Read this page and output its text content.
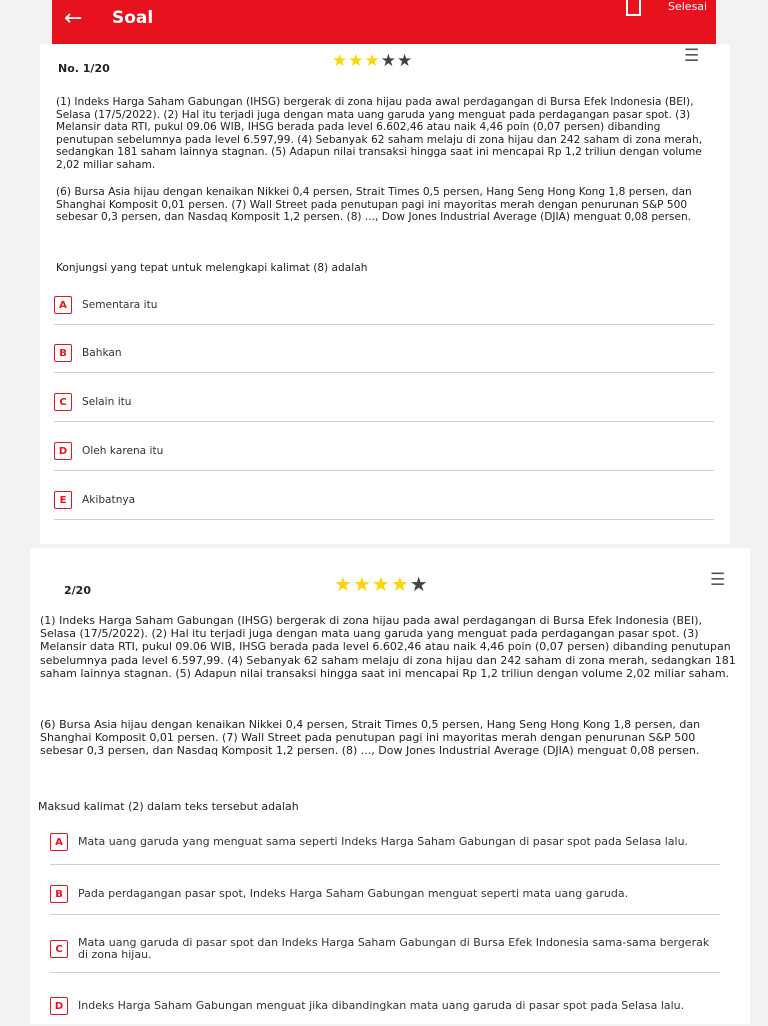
← Soal
Selesai
No. 1/20	★★★★★	☰

(1) Indeks Harga Saham Gabungan (IHSG) bergerak di zona hijau pada awal perdagangan di Bursa Efek Indonesia (BEI), Selasa (17/5/2022). (2) Hal itu terjadi juga dengan mata uang garuda yang menguat pada perdagangan pasar spot. (3) Melansir data RTI, pukul 09.06 WIB, IHSG berada pada level 6.602,46 atau naik 4,46 poin (0,07 persen) dibanding penutupan sebelumnya pada level 6.597,99. (4) Sebanyak 62 saham melaju di zona hijau dan 242 saham di zona merah, sedangkan 181 saham lainnya stagnan. (5) Adapun nilai transaksi hingga saat ini mencapai Rp 1,2 triliun dengan volume 2,02 miliar saham.

(6) Bursa Asia hijau dengan kenaikan Nikkei 0,4 persen, Strait Times 0,5 persen, Hang Seng Hong Kong 1,8 persen, dan Shanghai Komposit 0,01 persen. (7) Wall Street pada penutupan pagi ini mayoritas merah dengan penurunan S&P 500 sebesar 0,3 persen, dan Nasdaq Komposit 1,2 persen. (8) ..., Dow Jones Industrial Average (DJIA) menguat 0,08 persen.

Konjungsi yang tepat untuk melengkapi kalimat (8) adalah
A	Sementara itu
B	Bahkan
C	Selain itu
D	Oleh karena itu
E	Akibatnya
2/20	★★★★★	☰

(1) Indeks Harga Saham Gabungan (IHSG) bergerak di zona hijau pada awal perdagangan di Bursa Efek Indonesia (BEI), Selasa (17/5/2022). (2) Hal itu terjadi juga dengan mata uang garuda yang menguat pada perdagangan pasar spot. (3) Melansir data RTI, pukul 09.06 WIB, IHSG berada pada level 6.602,46 atau naik 4,46 poin (0,07 persen) dibanding penutupan sebelumnya pada level 6.597,99. (4) Sebanyak 62 saham melaju di zona hijau dan 242 saham di zona merah, sedangkan 181 saham lainnya stagnan. (5) Adapun nilai transaksi hingga saat ini mencapai Rp 1,2 triliun dengan volume 2,02 miliar saham.

(6) Bursa Asia hijau dengan kenaikan Nikkei 0,4 persen, Strait Times 0,5 persen, Hang Seng Hong Kong 1,8 persen, dan Shanghai Komposit 0,01 persen. (7) Wall Street pada penutupan pagi ini mayoritas merah dengan penurunan S&P 500 sebesar 0,3 persen, dan Nasdaq Komposit 1,2 persen. (8) ..., Dow Jones Industrial Average (DJIA) menguat 0,08 persen.

Maksud kalimat (2) dalam teks tersebut adalah
A	Mata uang garuda yang menguat sama seperti Indeks Harga Saham Gabungan di pasar spot pada Selasa lalu.
B	Pada perdagangan pasar spot, Indeks Harga Saham Gabungan menguat seperti mata uang garuda.
C
Mata uang garuda di pasar spot dan Indeks Harga Saham Gabungan di Bursa Efek Indonesia sama-sama bergerak di zona hijau.
D	Indeks Harga Saham Gabungan menguat jika dibandingkan mata uang garuda di pasar spot pada Selasa lalu.
